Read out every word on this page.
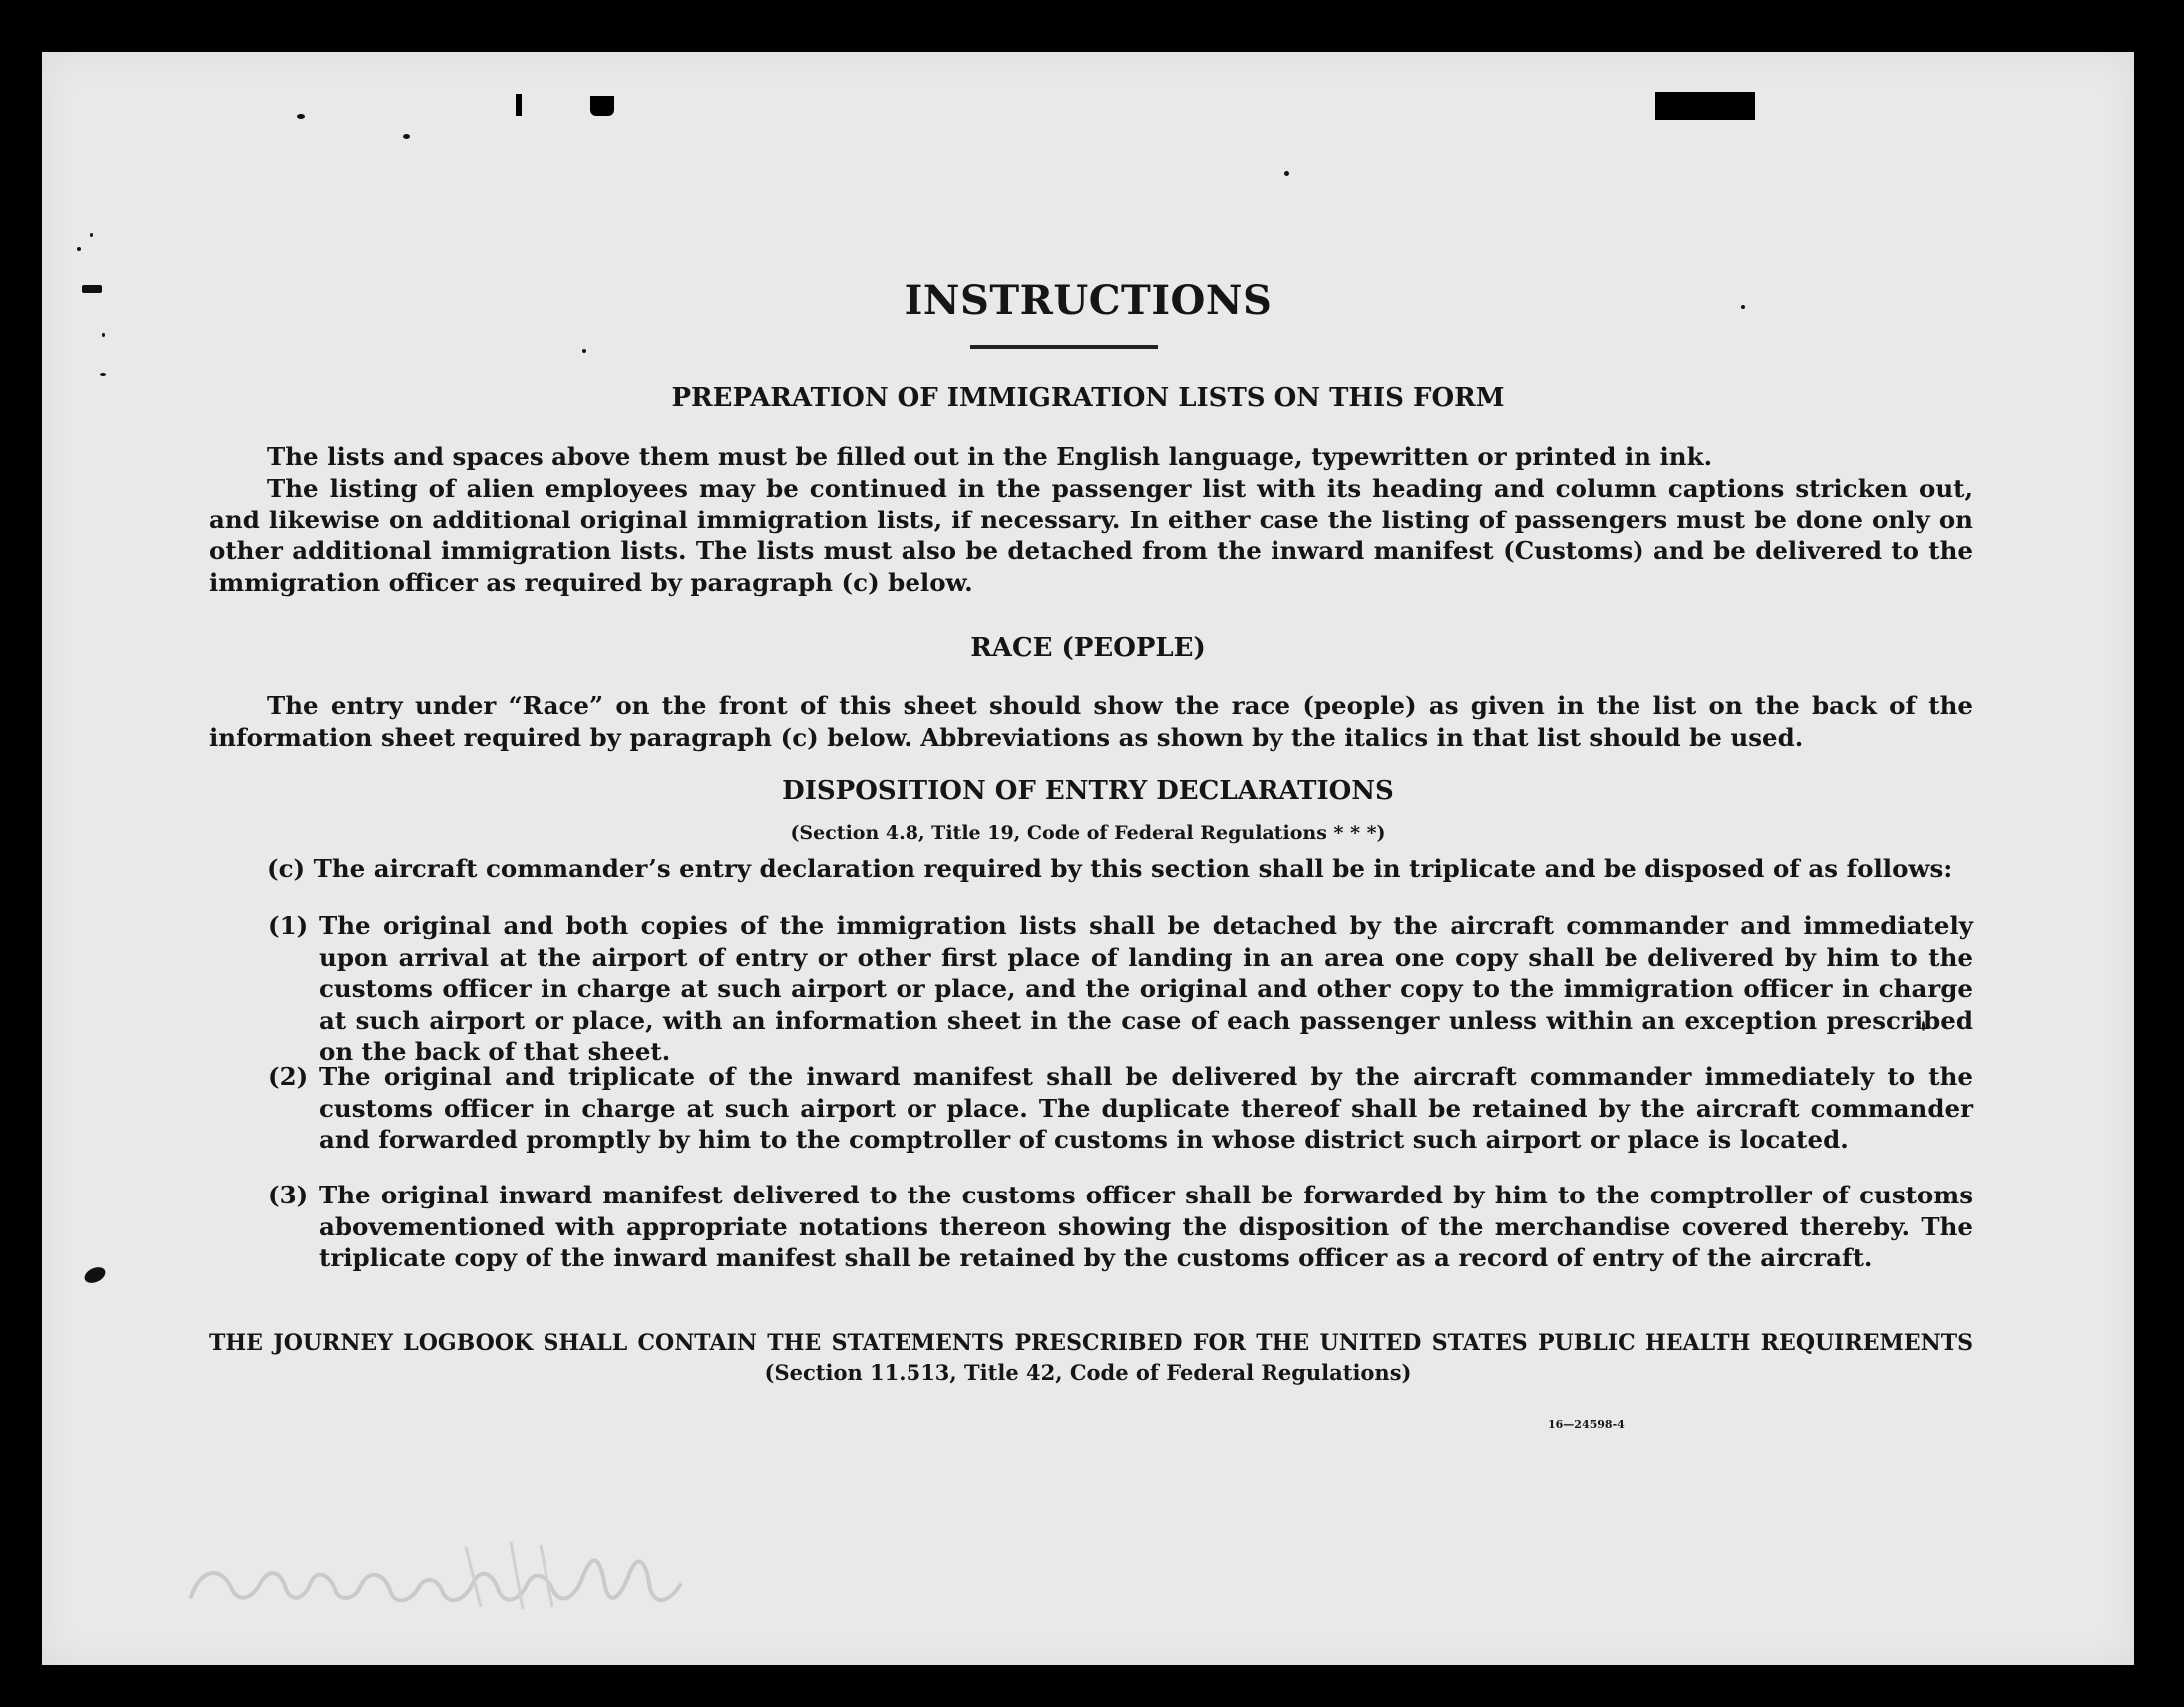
INSTRUCTIONS
PREPARATION OF IMMIGRATION LISTS ON THIS FORM

The lists and spaces above them must be filled out in the English language, typewritten or printed in ink.

The listing of alien employees may be continued in the passenger list with its heading and column captions stricken out, and likewise on additional original immigration lists, if necessary. In either case the listing of passengers must be done only on other additional immigration lists. The lists must also be detached from the inward manifest (Customs) and be delivered to the immigration officer as required by paragraph (c) below.

RACE (PEOPLE)

The entry under “Race” on the front of this sheet should show the race (people) as given in the list on the back of the information sheet required by paragraph (c) below. Abbreviations as shown by the italics in that list should be used.

DISPOSITION OF ENTRY DECLARATIONS

(Section 4.8, Title 19, Code of Federal Regulations * * *)

(c) The aircraft commander’s entry declaration required by this section shall be in triplicate and be disposed of as follows:

(1) The original and both copies of the immigration lists shall be detached by the aircraft commander and immediately upon arrival at the airport of entry or other first place of landing in an area one copy shall be delivered by him to the customs officer in charge at such airport or place, and the original and other copy to the immigration officer in charge at such airport or place, with an information sheet in the case of each passenger unless within an exception prescribed on the back of that sheet.
(2) The original and triplicate of the inward manifest shall be delivered by the aircraft commander immediately to the customs officer in charge at such airport or place. The duplicate thereof shall be retained by the aircraft commander and forwarded promptly by him to the comptroller of customs in whose district such airport or place is located.
(3) The original inward manifest delivered to the customs officer shall be forwarded by him to the comptroller of customs abovementioned with appropriate notations thereon showing the disposition of the merchandise covered thereby. The triplicate copy of the inward manifest shall be retained by the customs officer as a record of entry of the aircraft.

THE JOURNEY LOGBOOK SHALL CONTAIN THE STATEMENTS PRESCRIBED FOR THE UNITED STATES PUBLIC HEALTH REQUIREMENTS

(Section 11.513, Title 42, Code of Federal Regulations)

16—24598-4
